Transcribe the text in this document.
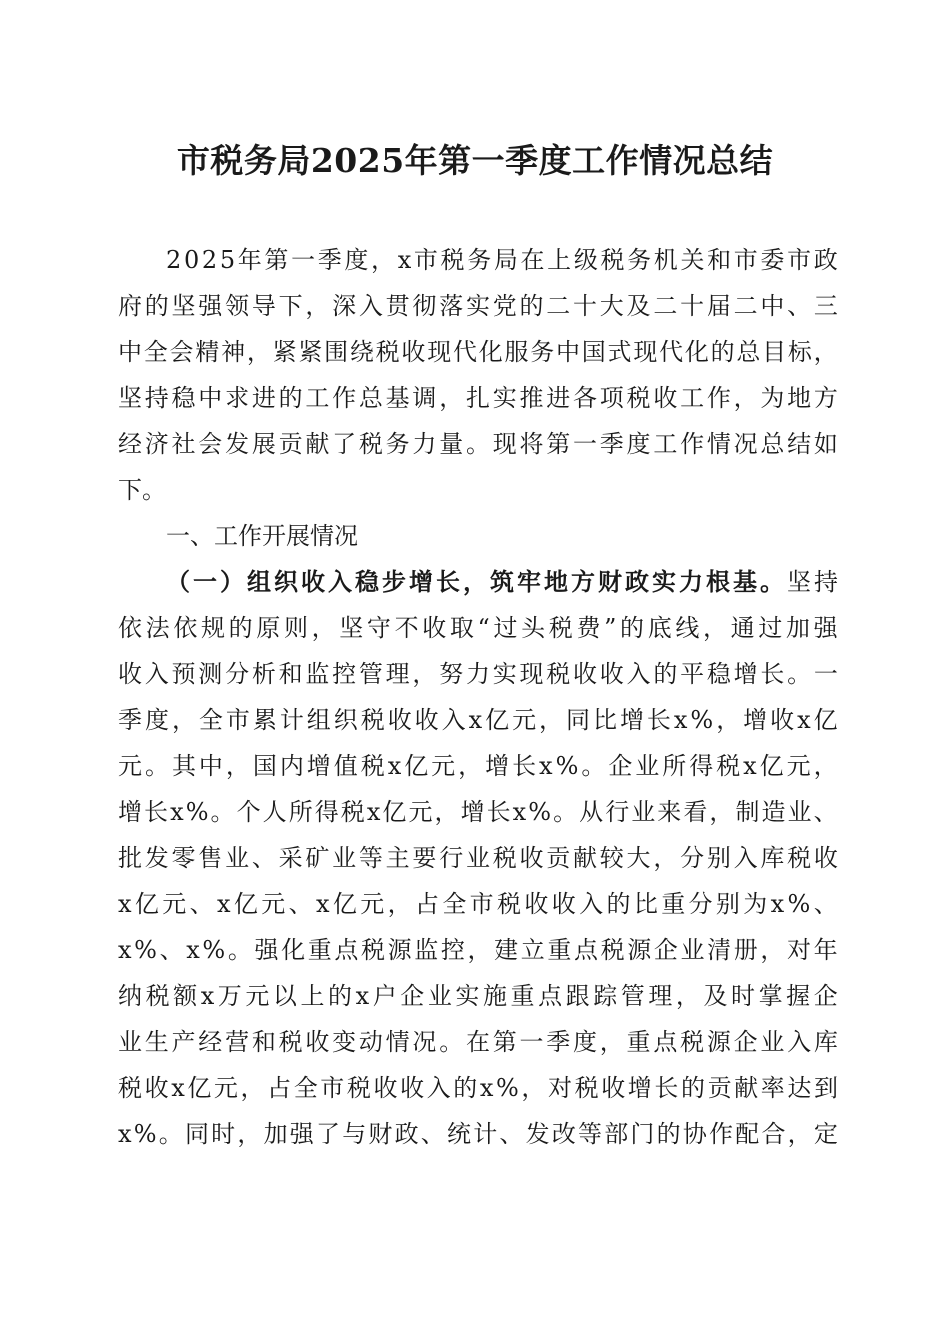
市税务局2025年第一季度工作情况总结
2 0 2 5 年 第 一 季 度 ， x 市 税 务 局 在 上 级 税 务 机 关 和 市 委 市 政
府 的 坚 强 领 导 下 ， 深 入 贯 彻 落 实 党 的 二 十 大 及 二 十 届 二 中 、 三
中 全 会 精 神 ， 紧 紧 围 绕 税 收 现 代 化 服 务 中 国 式 现 代 化 的 总 目 标 ，
坚 持 稳 中 求 进 的 工 作 总 基 调 ， 扎 实 推 进 各 项 税 收 工 作 ， 为 地 方
经 济 社 会 发 展 贡 献 了 税 务 力 量 。 现 将 第 一 季 度 工 作 情 况 总 结 如
下。
一、工作开展情况
（ 一 ） 组 织 收 入 稳 步 增 长 ， 筑 牢 地 方 财 政 实 力 根 基 。 坚 持
依 法 依 规 的 原 则 ， 坚 守 不 收 取 “ 过 头 税 费 ” 的 底 线 ， 通 过 加 强
收 入 预 测 分 析 和 监 控 管 理 ， 努 力 实 现 税 收 收 入 的 平 稳 增 长 。 一
季 度 ， 全 市 累 计 组 织 税 收 收 入 x 亿 元 ， 同 比 增 长 x % ， 增 收 x 亿
元 。 其 中 ， 国 内 增 值 税 x 亿 元 ， 增 长 x % 。 企 业 所 得 税 x 亿 元 ，
增 长 x % 。 个 人 所 得 税 x 亿 元 ， 增 长 x % 。 从 行 业 来 看 ， 制 造 业 、
批 发 零 售 业 、 采 矿 业 等 主 要 行 业 税 收 贡 献 较 大 ， 分 别 入 库 税 收
x 亿 元 、 x 亿 元 、 x 亿 元 ， 占 全 市 税 收 收 入 的 比 重 分 别 为 x % 、
x % 、 x % 。 强 化 重 点 税 源 监 控 ， 建 立 重 点 税 源 企 业 清 册 ， 对 年
纳 税 额 x 万 元 以 上 的 x 户 企 业 实 施 重 点 跟 踪 管 理 ， 及 时 掌 握 企
业 生 产 经 营 和 税 收 变 动 情 况 。 在 第 一 季 度 ， 重 点 税 源 企 业 入 库
税 收 x 亿 元 ， 占 全 市 税 收 收 入 的 x % ， 对 税 收 增 长 的 贡 献 率 达 到
x % 。 同 时 ， 加 强 了 与 财 政 、 统 计 、 发 改 等 部 门 的 协 作 配 合 ， 定
